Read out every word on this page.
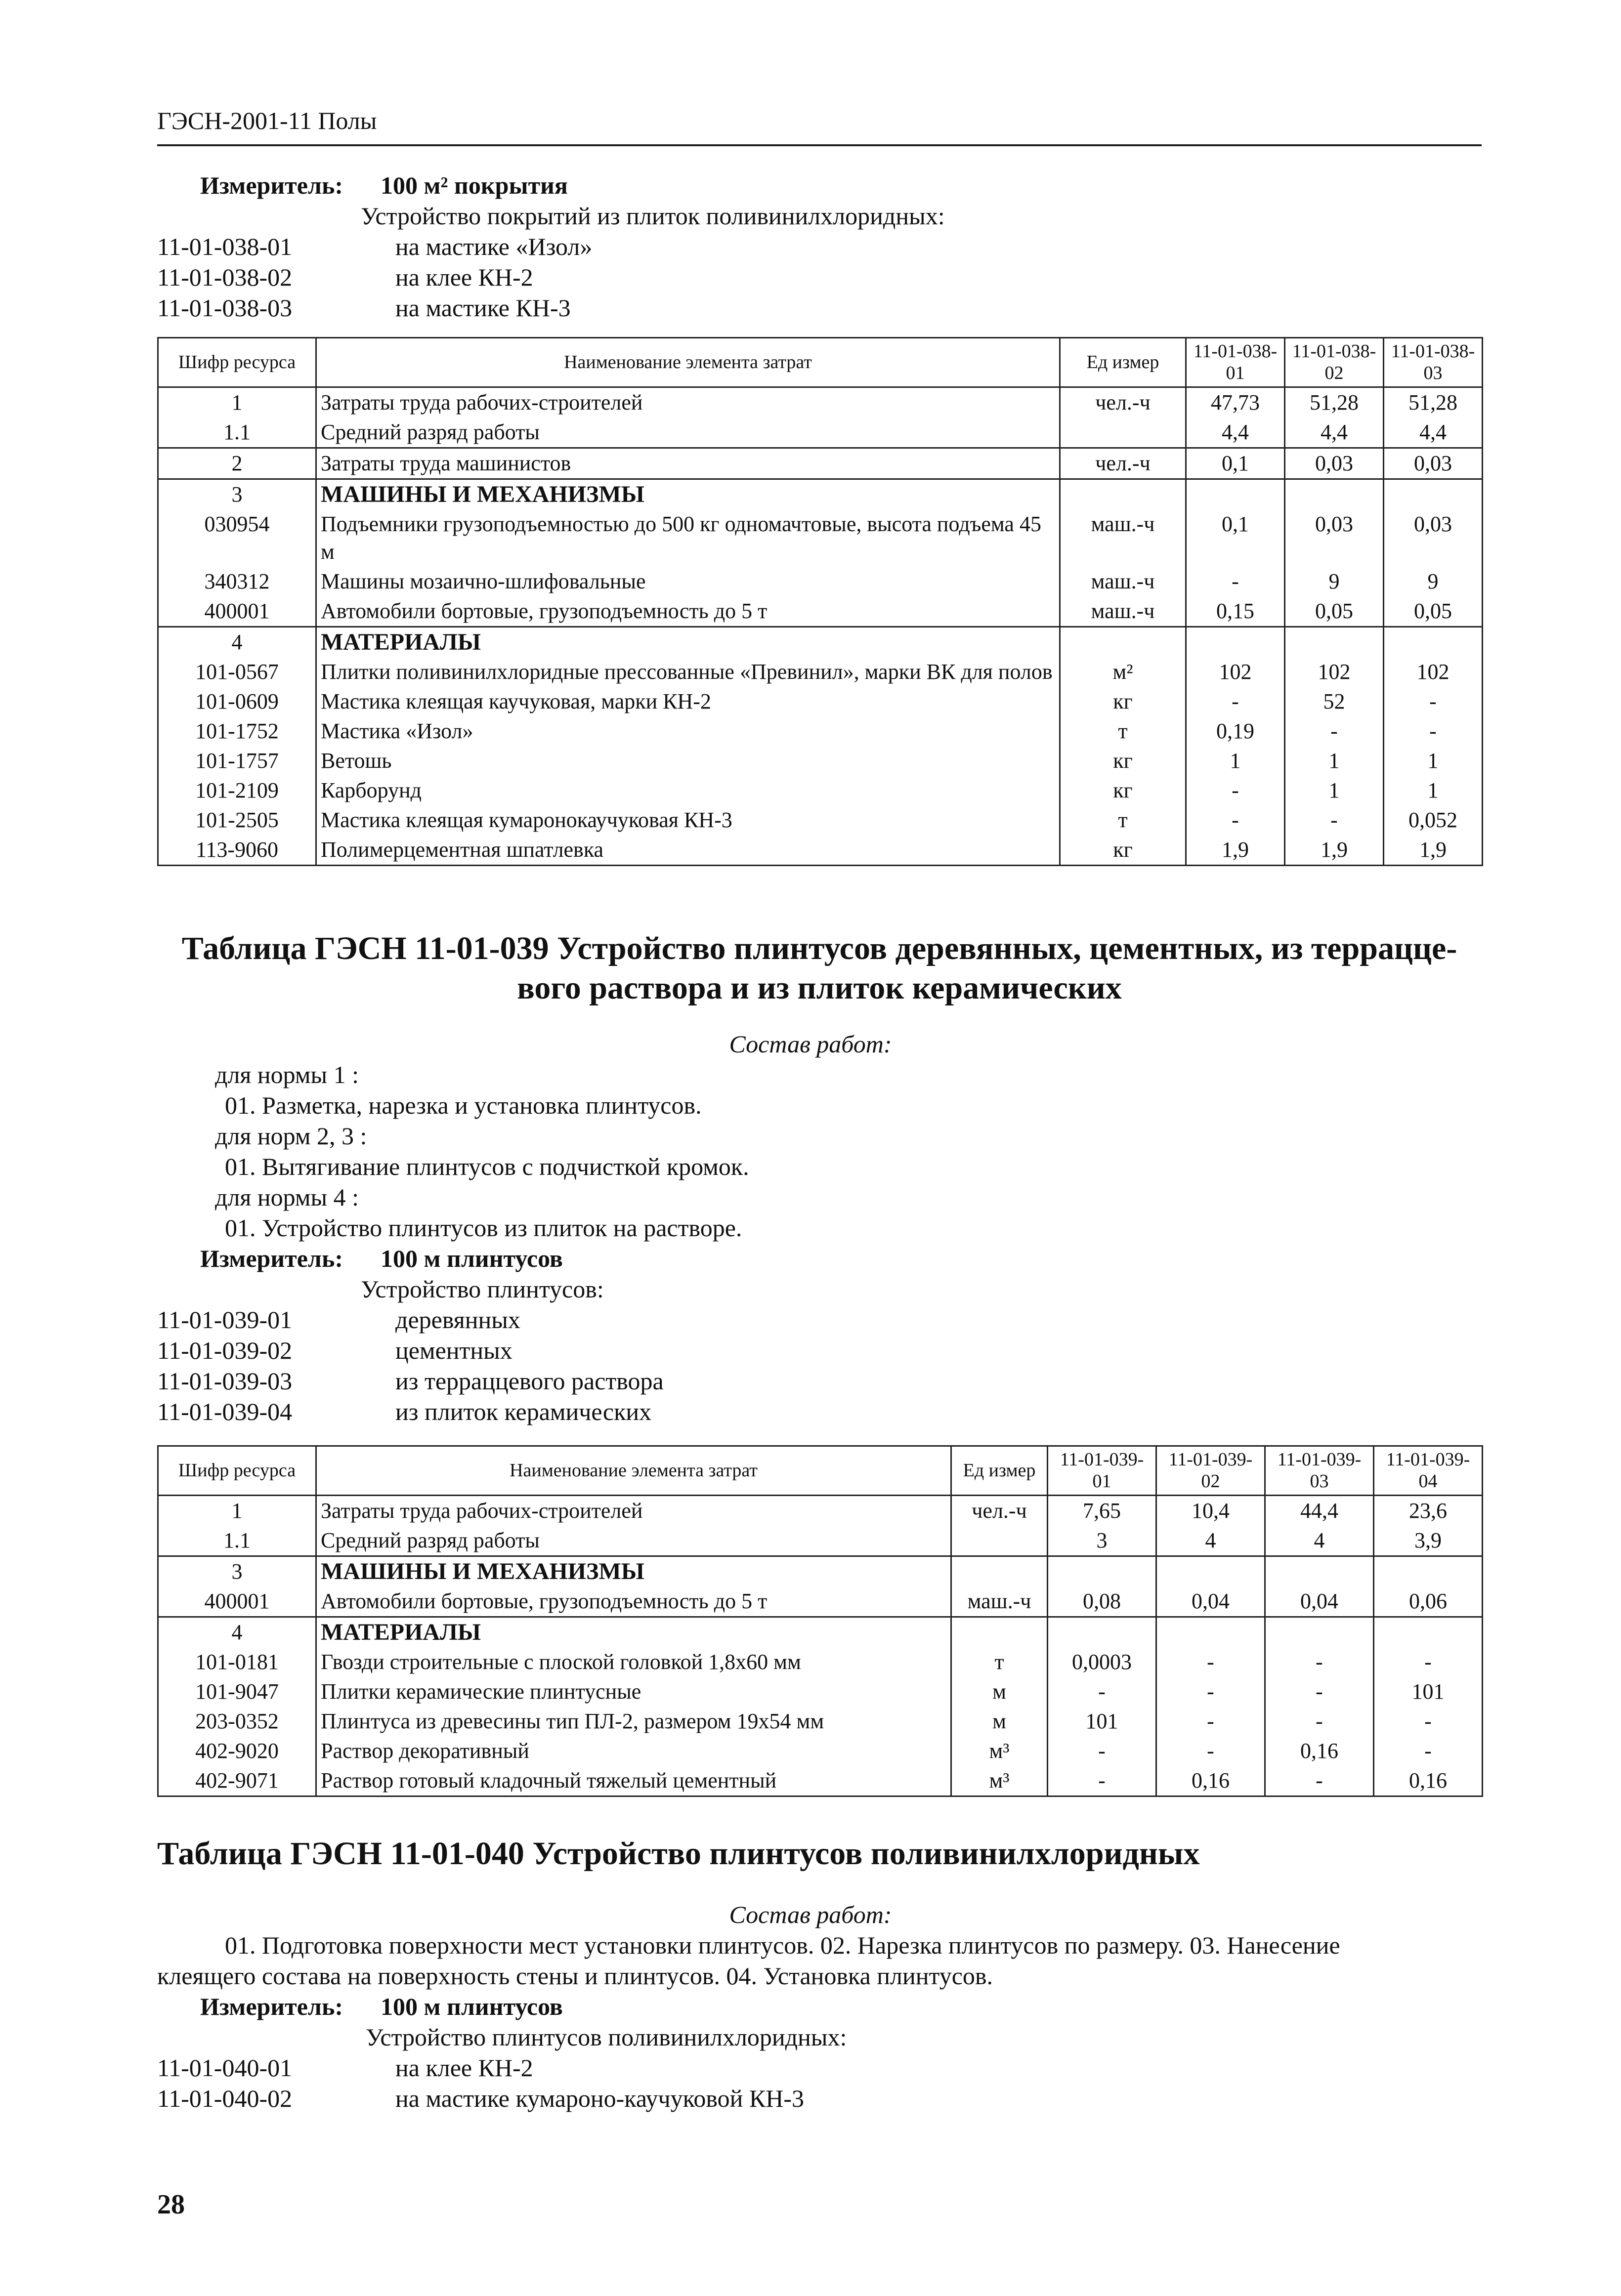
ГЭСН-2001-11 Полы
Измеритель: 100 м² покрытия
Устройство покрытий из плиток поливинилхлоридных:
11-01-038-01	на мастике «Изол»
11-01-038-02	на клее КН-2
11-01-038-03	на мастике КН-3
Шифр ресурса	Наименование элемента затрат	Ед измер	11-01-038-01	11-01-038-02	11-01-038-03
1	Затраты труда рабочих-строителей	чел.-ч	47,73	51,28	51,28
1.1	Средний разряд работы		4,4	4,4	4,4
2	Затраты труда машинистов	чел.-ч	0,1	0,03	0,03
3	МАШИНЫ И МЕХАНИЗМЫ				
030954	Подъемники грузоподъемностью до 500 кг одномачтовые, высота подъема 45 м	маш.-ч	0,1	0,03	0,03
340312	Машины мозаично-шлифовальные	маш.-ч	-	9	9
400001	Автомобили бортовые, грузоподъемность до 5 т	маш.-ч	0,15	0,05	0,05
4	МАТЕРИАЛЫ				
101-0567	Плитки поливинилхлоридные прессованные «Превинил», марки ВК для полов	м²	102	102	102
101-0609	Мастика клеящая каучуковая, марки КН-2	кг	-	52	-
101-1752	Мастика «Изол»	т	0,19	-	-
101-1757	Ветошь	кг	1	1	1
101-2109	Карборунд	кг	-	1	1
101-2505	Мастика клеящая кумаронокаучуковая КН-3	т	-	-	0,052
113-9060	Полимерцементная шпатлевка	кг	1,9	1,9	1,9
Таблица ГЭСН 11-01-039 Устройство плинтусов деревянных, цементных, из террацце-
вого раствора и из плиток керамических
Состав работ:
для нормы 1 :
01. Разметка, нарезка и установка плинтусов.
для норм 2, 3 :
01. Вытягивание плинтусов с подчисткой кромок.
для нормы 4 :
01. Устройство плинтусов из плиток на растворе.
Измеритель: 100 м плинтусов
Устройство плинтусов:
11-01-039-01	деревянных
11-01-039-02	цементных
11-01-039-03	из терраццевого раствора
11-01-039-04	из плиток керамических
Шифр ресурса	Наименование элемента затрат	Ед измер	11-01-039-01	11-01-039-02	11-01-039-03	11-01-039-04
1	Затраты труда рабочих-строителей	чел.-ч	7,65	10,4	44,4	23,6
1.1	Средний разряд работы		3	4	4	3,9
3	МАШИНЫ И МЕХАНИЗМЫ					
400001	Автомобили бортовые, грузоподъемность до 5 т	маш.-ч	0,08	0,04	0,04	0,06
4	МАТЕРИАЛЫ					
101-0181	Гвозди строительные с плоской головкой 1,8х60 мм	т	0,0003	-	-	-
101-9047	Плитки керамические плинтусные	м	-	-	-	101
203-0352	Плинтуса из древесины тип ПЛ-2, размером 19х54 мм	м	101	-	-	-
402-9020	Раствор декоративный	м³	-	-	0,16	-
402-9071	Раствор готовый кладочный тяжелый цементный	м³	-	0,16	-	0,16
Таблица ГЭСН 11-01-040 Устройство плинтусов поливинилхлоридных
Состав работ:
01. Подготовка поверхности мест установки плинтусов. 02. Нарезка плинтусов по размеру. 03. Нанесение
клеящего состава на поверхность стены и плинтусов. 04. Установка плинтусов.
Измеритель: 100 м плинтусов
Устройство плинтусов поливинилхлоридных:
11-01-040-01	на клее КН-2
11-01-040-02	на мастике кумароно-каучуковой КН-3
28
